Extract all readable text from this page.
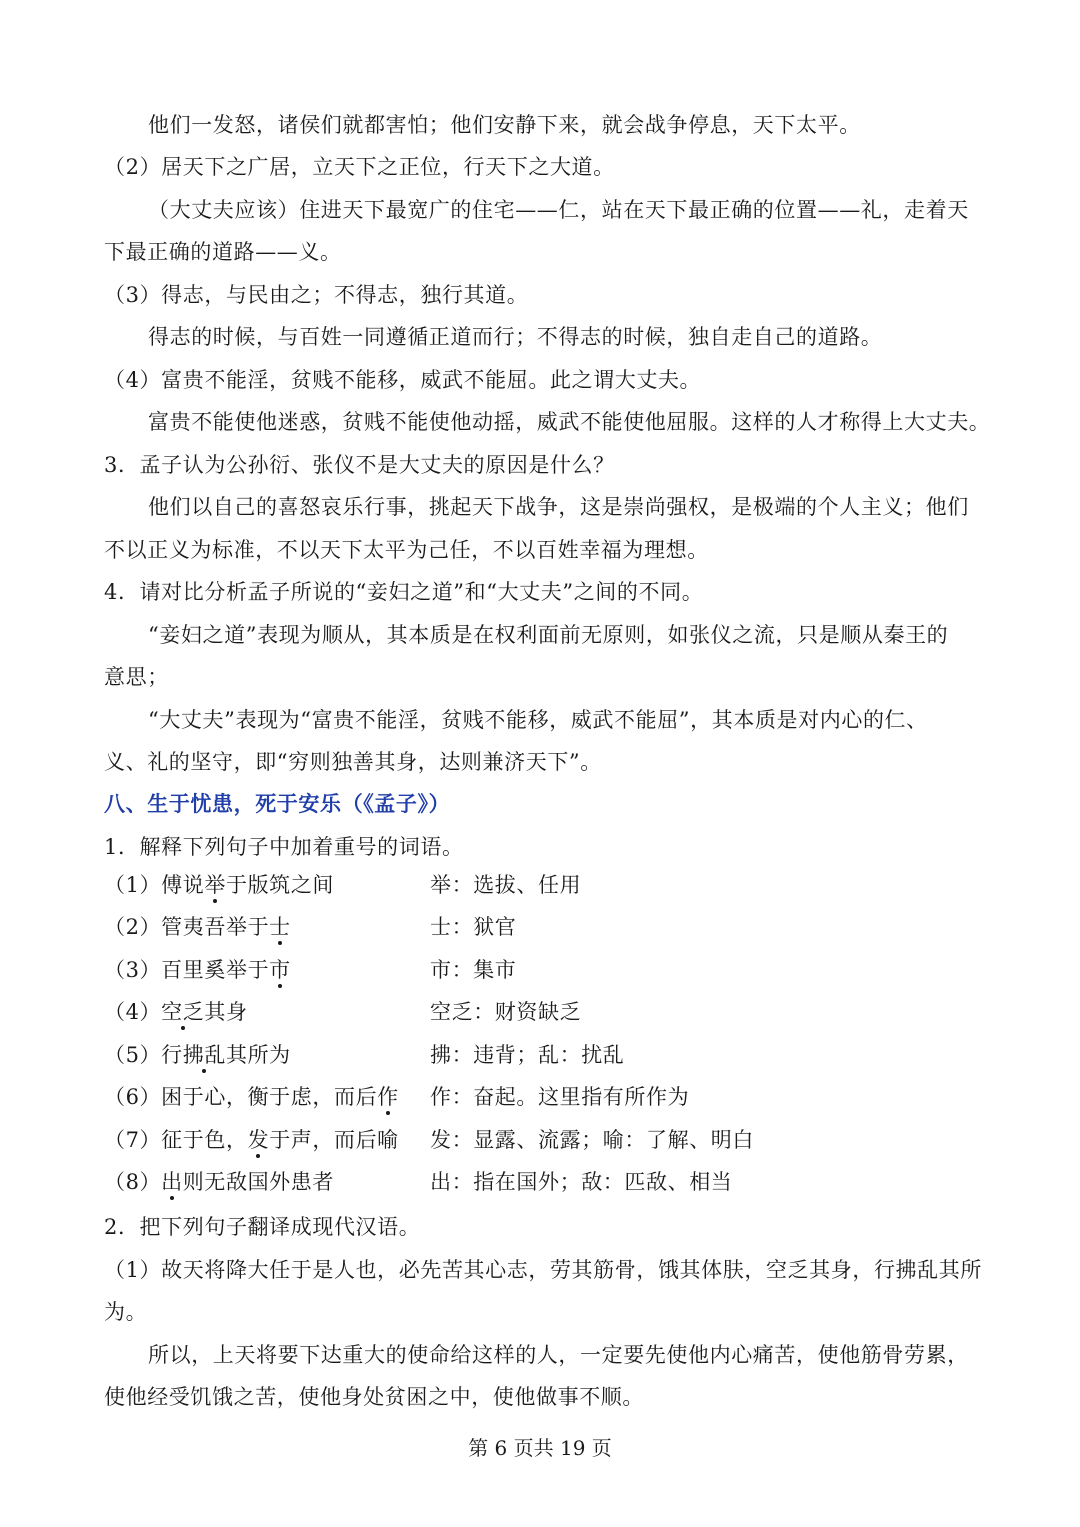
他们一发怒，诸侯们就都害怕；他们安静下来，就会战争停息，天下太平。
（2）居天下之广居，立天下之正位，行天下之大道。
（大丈夫应该）住进天下最宽广的住宅——仁，站在天下最正确的位置——礼，走着天
下最正确的道路——义。
（3）得志，与民由之；不得志，独行其道。
得志的时候，与百姓一同遵循正道而行；不得志的时候，独自走自己的道路。
（4）富贵不能淫，贫贱不能移，威武不能屈。此之谓大丈夫。
富贵不能使他迷惑，贫贱不能使他动摇，威武不能使他屈服。这样的人才称得上大丈夫。
3．孟子认为公孙衍、张仪不是大丈夫的原因是什么？
他们以自己的喜怒哀乐行事，挑起天下战争，这是崇尚强权，是极端的个人主义；他们
不以正义为标准，不以天下太平为己任，不以百姓幸福为理想。
4．请对比分析孟子所说的“妾妇之道”和“大丈夫”之间的不同。
“妾妇之道”表现为顺从，其本质是在权利面前无原则，如张仪之流，只是顺从秦王的
意思；
“大丈夫”表现为“富贵不能淫，贫贱不能移，威武不能屈”，其本质是对内心的仁、
义、礼的坚守，即“穷则独善其身，达则兼济天下”。
八、生于忧患，死于安乐（《孟子》）
1．解释下列句子中加着重号的词语。
（1）傅说举于版筑之间	举：选拔、任用
（2）管夷吾举于士	士：狱官
（3）百里奚举于市	市：集市
（4）空乏其身	空乏：财资缺乏
（5）行拂乱其所为	拂：违背；乱：扰乱
（6）困于心，衡于虑，而后作 作：奋起。这里指有所作为
（7）征于色，发于声，而后喻 发：显露、流露；喻：了解、明白
（8）出则无敌国外患者	出：指在国外；敌：匹敌、相当
2．把下列句子翻译成现代汉语。
（1）故天将降大任于是人也，必先苦其心志，劳其筋骨，饿其体肤，空乏其身，行拂乱其所
为。
所以，上天将要下达重大的使命给这样的人，一定要先使他内心痛苦，使他筋骨劳累，
使他经受饥饿之苦，使他身处贫困之中，使他做事不顺。
第 6 页共 19 页
